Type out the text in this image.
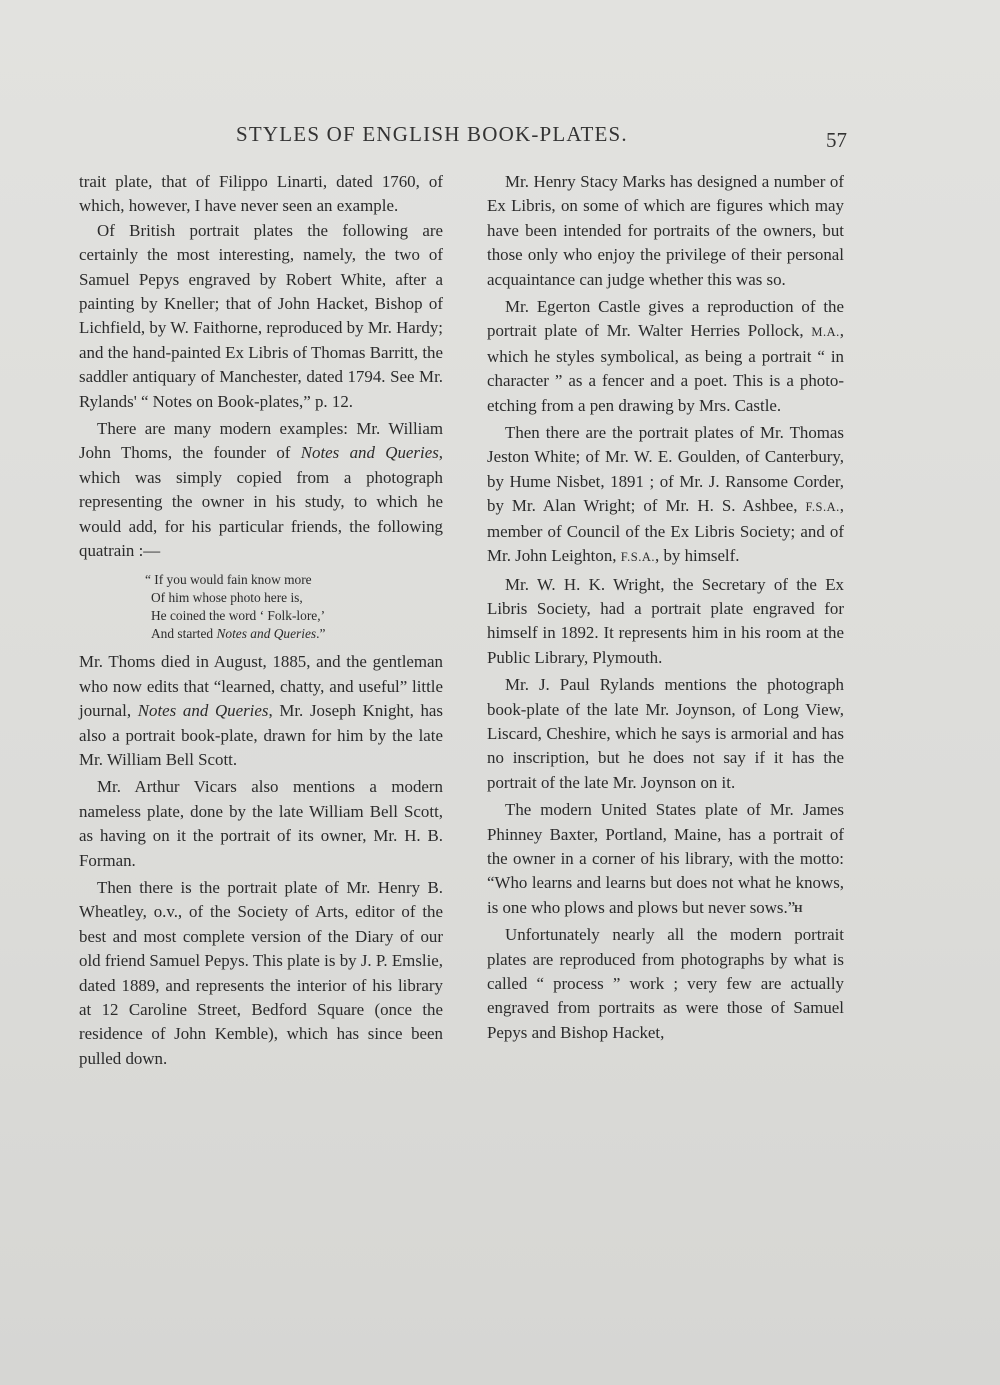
STYLES OF ENGLISH BOOK-PLATES.	57

trait plate, that of Filippo Linarti, dated 1760, of which, however, I have never seen an example.

Of British portrait plates the following are certainly the most interesting, namely, the two of Samuel Pepys engraved by Robert White, after a painting by Kneller; that of John Hacket, Bishop of Lichfield, by W. Faithorne, reproduced by Mr. Hardy; and the hand-painted Ex Libris of Thomas Barritt, the saddler antiquary of Manchester, dated 1794. See Mr. Rylands' “ Notes on Book-plates,” p. 12.

There are many modern examples: Mr. William John Thoms, the founder of Notes and Queries, which was simply copied from a photograph representing the owner in his study, to which he would add, for his particular friends, the following quatrain :—

“ If you would fain know more
Of him whose photo here is,
He coined the word ‘ Folk-lore,’
And started Notes and Queries.”

Mr. Thoms died in August, 1885, and the gentleman who now edits that “learned, chatty, and useful” little journal, Notes and Queries, Mr. Joseph Knight, has also a portrait book-plate, drawn for him by the late Mr. William Bell Scott.

Mr. Arthur Vicars also mentions a modern nameless plate, done by the late William Bell Scott, as having on it the portrait of its owner, Mr. H. B. Forman.

Then there is the portrait plate of Mr. Henry B. Wheatley, o.v., of the Society of Arts, editor of the best and most complete version of the Diary of our old friend Samuel Pepys. This plate is by J. P. Emslie, dated 1889, and represents the interior of his library at 12 Caroline Street, Bedford Square (once the residence of John Kemble), which has since been pulled down.

Mr. Henry Stacy Marks has designed a number of Ex Libris, on some of which are figures which may have been intended for portraits of the owners, but those only who enjoy the privilege of their personal acquaintance can judge whether this was so.

Mr. Egerton Castle gives a reproduction of the portrait plate of Mr. Walter Herries Pollock, M.A., which he styles symbolical, as being a portrait “ in character ” as a fencer and a poet. This is a photo-etching from a pen drawing by Mrs. Castle.

Then there are the portrait plates of Mr. Thomas Jeston White; of Mr. W. E. Goulden, of Canterbury, by Hume Nisbet, 1891 ; of Mr. J. Ransome Corder, by Mr. Alan Wright; of Mr. H. S. Ashbee, F.S.A., member of Council of the Ex Libris Society; and of Mr. John Leighton, F.S.A., by himself.

Mr. W. H. K. Wright, the Secretary of the Ex Libris Society, had a portrait plate engraved for himself in 1892. It represents him in his room at the Public Library, Plymouth.

Mr. J. Paul Rylands mentions the photograph book-plate of the late Mr. Joynson, of Long View, Liscard, Cheshire, which he says is armorial and has no inscription, but he does not say if it has the portrait of the late Mr. Joynson on it.

The modern United States plate of Mr. James Phinney Baxter, Portland, Maine, has a portrait of the owner in a corner of his library, with the motto: “Who learns and learns but does not what he knows, is one who plows and plows but never sows.”

Unfortunately nearly all the modern portrait plates are reproduced from photographs by what is called “ process ” work ; very few are actually engraved from portraits as were those of Samuel Pepys and Bishop Hacket,

H
